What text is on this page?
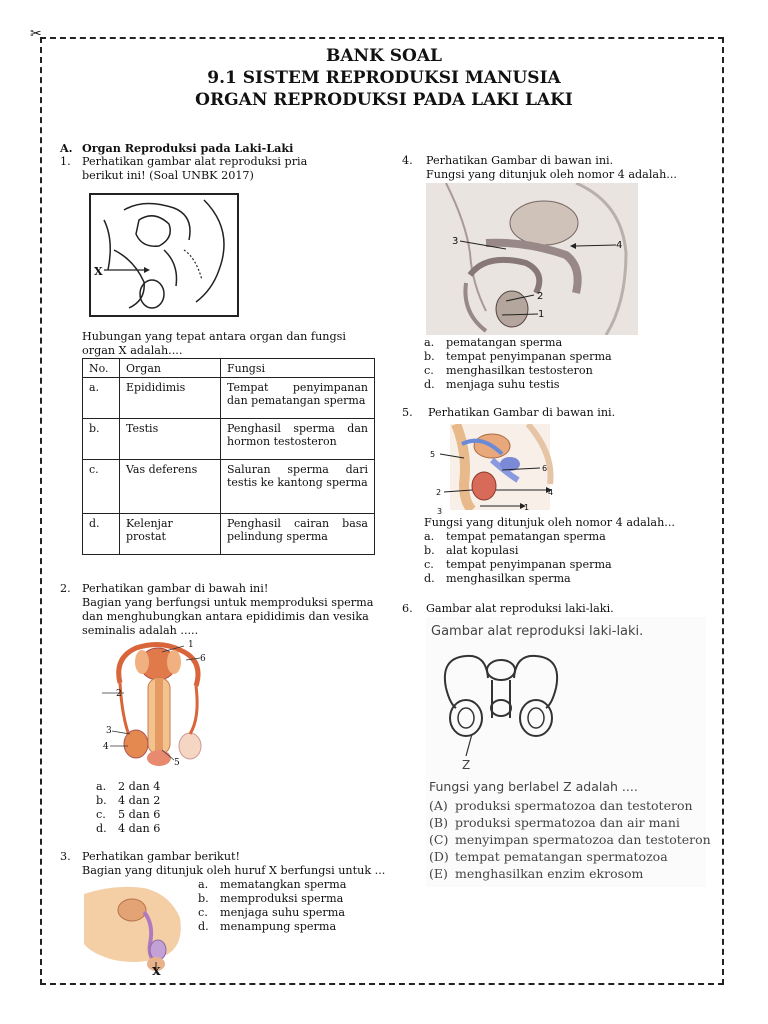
✂
BANK SOAL
9.1 SISTEM REPRODUKSI MANUSIA
ORGAN REPRODUKSI PADA LAKI LAKI
A. Organ Reproduksi pada Laki-Laki
1. Perhatikan gambar alat reproduksi pria
berikut ini! (Soal UNBK 2017)
X
Hubungan yang tepat antara organ dan fungsi
organ X adalah....
No.	Organ	Fungsi
a.	Epididimis	Tempat penyimpanan dan pematangan sperma
b.	Testis	Penghasil sperma dan hormon testosteron
c.	Vas deferens	Saluran sperma dari testis ke kantong sperma
d.	Kelenjar prostat	Penghasil cairan basa pelindung sperma
2. Perhatikan gambar di bawah ini!
Bagian yang berfungsi untuk memproduksi sperma
dan menghubungkan antara epididimis dan vesika
seminalis adalah .....
1
2
3
4
5
6
a. 2 dan 4
b. 4 dan 2
c. 5 dan 6
d. 4 dan 6
3. Perhatikan gambar berikut!
Bagian yang ditunjuk oleh huruf X berfungsi untuk ...
X
a. mematangkan sperma
b. memproduksi sperma
c. menjaga suhu sperma
d. menampung sperma
4. Perhatikan Gambar di bawan ini.
Fungsi yang ditunjuk oleh nomor 4 adalah...
3	4
2
1
a. pematangan sperma
b. tempat penyimpanan sperma
c. menghasilkan testosteron
d. menjaga suhu testis
5. Perhatikan Gambar di bawan ini.
5
6
2	4
3	1
Fungsi yang ditunjuk oleh nomor 4 adalah...
a. tempat pematangan sperma
b. alat kopulasi
c. tempat penyimpanan sperma
d. menghasilkan sperma
6. Gambar alat reproduksi laki-laki.
Gambar alat reproduksi laki-laki.
Z
Fungsi yang berlabel Z adalah ....
(A) produksi spermatozoa dan testoteron
(B) produksi spermatozoa dan air mani
(C) menyimpan spermatozoa dan testoteron
(D) tempat pematangan spermatozoa
(E) menghasilkan enzim ekrosom
